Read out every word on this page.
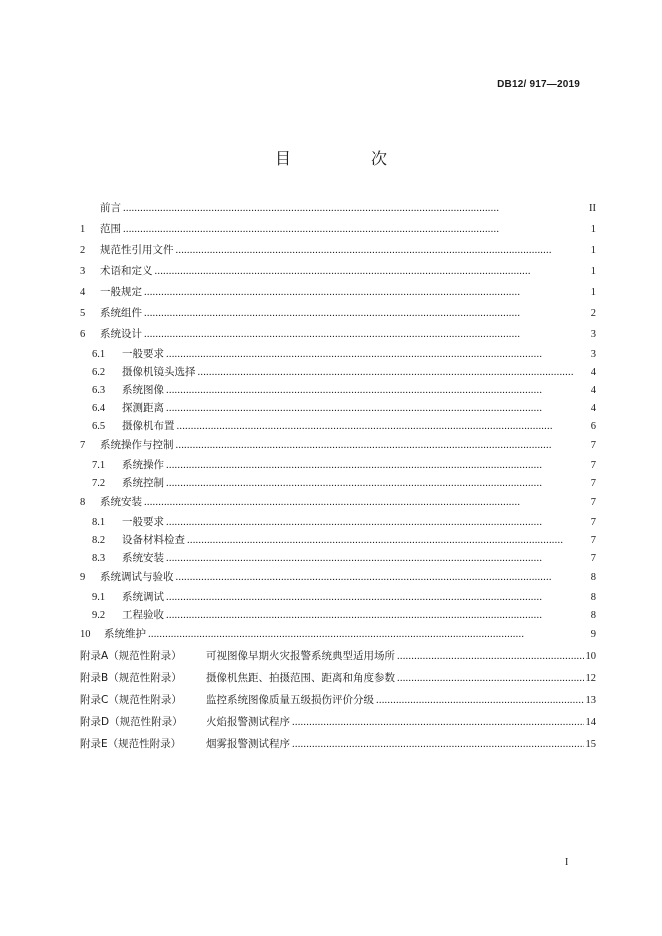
DB12/ 917—2019
目　次
前言 . . .	II
1	范围 . . .	1
2	规范性引用文件 . . .	1
3	术语和定义 . . .	1
4	一般规定 . . .	1
5	系统组件 . . .	2
6	系统设计 . . .	3
6.1	一般要求 . . .	3
6.2	摄像机镜头选择 . . .	4
6.3	系统图像 . . .	4
6.4	探测距离 . . .	4
6.5	摄像机布置 . . .	6
7	系统操作与控制 . . .	7
7.1	系统操作 . . .	7
7.2	系统控制 . . .	7
8	系统安装 . . .	7
8.1	一般要求 . . .	7
8.2	设备材料检查 . . .	7
8.3	系统安装 . . .	7
9	系统调试与验收 . . .	8
9.1	系统调试 . . .	8
9.2	工程验收 . . .	8
10	系统维护 . . .	9
附录A（规范性附录）	可视图像早期火灾报警系统典型适用场所 . . .	10
附录B（规范性附录）	摄像机焦距、拍摄范围、距离和角度参数 . . .	12
附录C（规范性附录）	监控系统图像质量五级损伤评价分级 . . .	13
附录D（规范性附录）	火焰报警测试程序 . . .	14
附录E（规范性附录）	烟雾报警测试程序 . . .	15
I
